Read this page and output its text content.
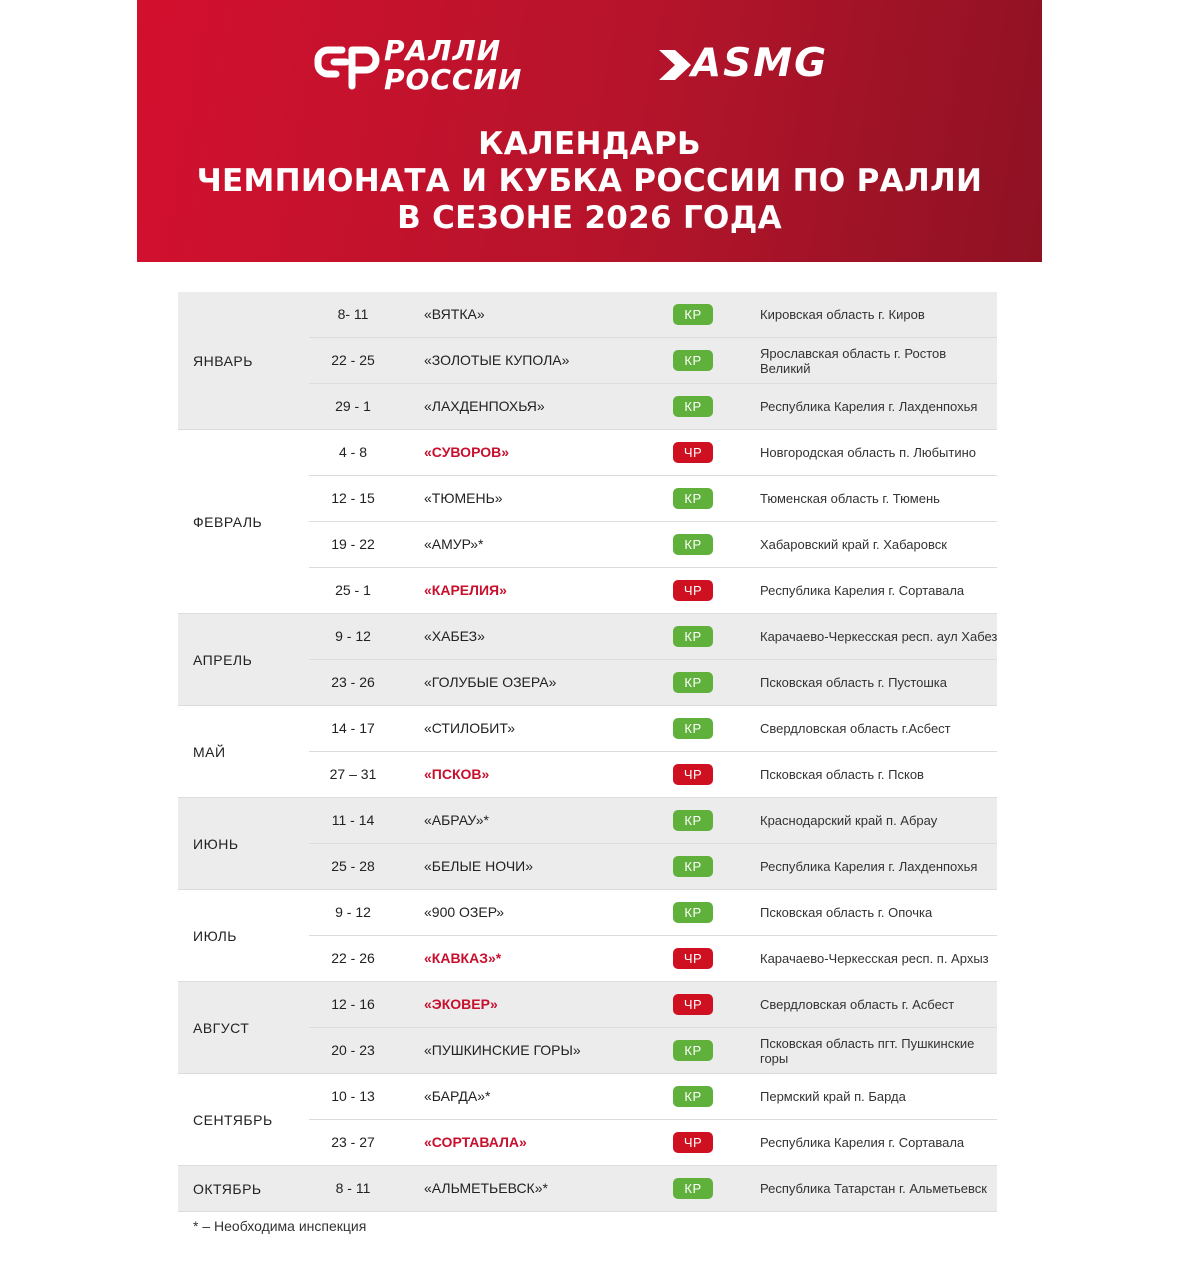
РАЛЛИ
РОССИИ	ASMG
КАЛЕНДАРЬ
ЧЕМПИОНАТА И КУБКА РОССИИ ПО РАЛЛИ
В СЕЗОНЕ 2026 ГОДА
ЯНВАРЬ
8- 11	«ВЯТКА»	КР	Кировская область г. Киров
22 - 25	«ЗОЛОТЫЕ КУПОЛА»	КР	Ярославская область г. Ростов Великий
29 - 1	«ЛАХДЕНПОХЬЯ»	КР	Республика Карелия г. Лахденпохья
ФЕВРАЛЬ
4 - 8	«СУВОРОВ»	ЧР	Новгородская область п. Любытино
12 - 15	«ТЮМЕНЬ»	КР	Тюменская область г. Тюмень
19 - 22	«АМУР»*	КР	Хабаровский край г. Хабаровск
25 - 1	«КАРЕЛИЯ»	ЧР	Республика Карелия г. Сортавала
АПРЕЛЬ
9 - 12	«ХАБЕЗ»	КР	Карачаево-Черкесская респ. аул Хабез
23 - 26	«ГОЛУБЫЕ ОЗЕРА»	КР	Псковская область г. Пустошка
МАЙ
14 - 17	«СТИЛОБИТ»	КР	Свердловская область г.Асбест
27 – 31	«ПСКОВ»	ЧР	Псковская область г. Псков
ИЮНЬ
11 - 14	«АБРАУ»*	КР	Краснодарский край п. Абрау
25 - 28	«БЕЛЫЕ НОЧИ»	КР	Республика Карелия г. Лахденпохья
ИЮЛЬ
9 - 12	«900 ОЗЕР»	КР	Псковская область г. Опочка
22 - 26	«КАВКАЗ»*	ЧР	Карачаево-Черкесская респ. п. Архыз
АВГУСТ
12 - 16	«ЭКОВЕР»	ЧР	Свердловская область г. Асбест
20 - 23	«ПУШКИНСКИЕ ГОРЫ»	КР	Псковская область пгт. Пушкинские горы
СЕНТЯБРЬ
10 - 13	«БАРДА»*	КР	Пермский край п. Барда
23 - 27	«СОРТАВАЛА»	ЧР	Республика Карелия г. Сортавала
ОКТЯБРЬ	8 - 11	«АЛЬМЕТЬЕВСК»*	КР	Республика Татарстан г. Альметьевск
* – Необходима инспекция
